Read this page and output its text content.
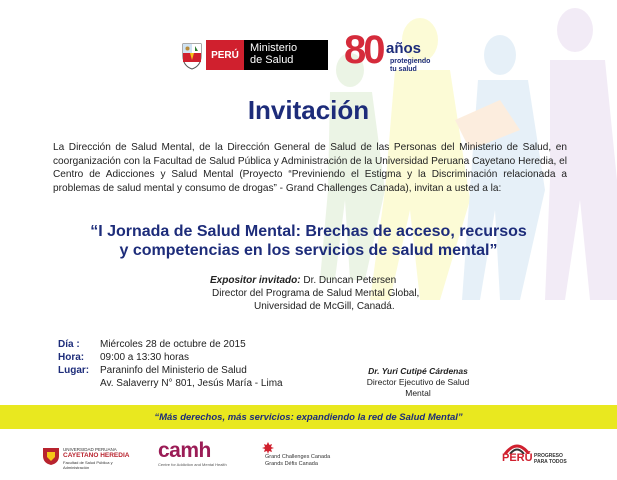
PERÚ
Ministerio
de Salud	80 años
protegiendo
tu salud
Invitación
La Dirección de Salud Mental, de la Dirección General de Salud de las Personas del Ministerio de Salud, en coorganización con la Facultad de Salud Pública y Administración de la Universidad Peruana Cayetano Heredia, el Centro de Adicciones y Salud Mental (Proyecto “Previniendo el Estigma y la Discriminación relacionada a problemas de salud mental y consumo de drogas” - Grand Challenges Canada), invitan a usted a la:
“I Jornada de Salud Mental: Brechas de acceso, recursos
y competencias en los servicios de salud mental”
Expositor invitado: Dr. Duncan Petersen
Director del Programa de Salud Mental Global,
Universidad de McGill, Canadá.
Día :	Miércoles 28 de octubre de 2015
Hora:	09:00 a 13:30 horas
Lugar:	Paraninfo del Ministerio de Salud
Av. Salaverry N° 801, Jesús María - Lima
Dr. Yuri Cutipé Cárdenas
Director Ejecutivo de Salud Mental
“Más derechos, más servicios: expandiendo la red de Salud Mental”
UNIVERSIDAD PERUANA
CAYETANO HEREDIA
Facultad de Salud Pública y Administración
camh
Centre for Addiction and Mental Health
Grand Challenges Canada
Grands Défis Canada	PERÚ PROGRESO
PARA TODOS
